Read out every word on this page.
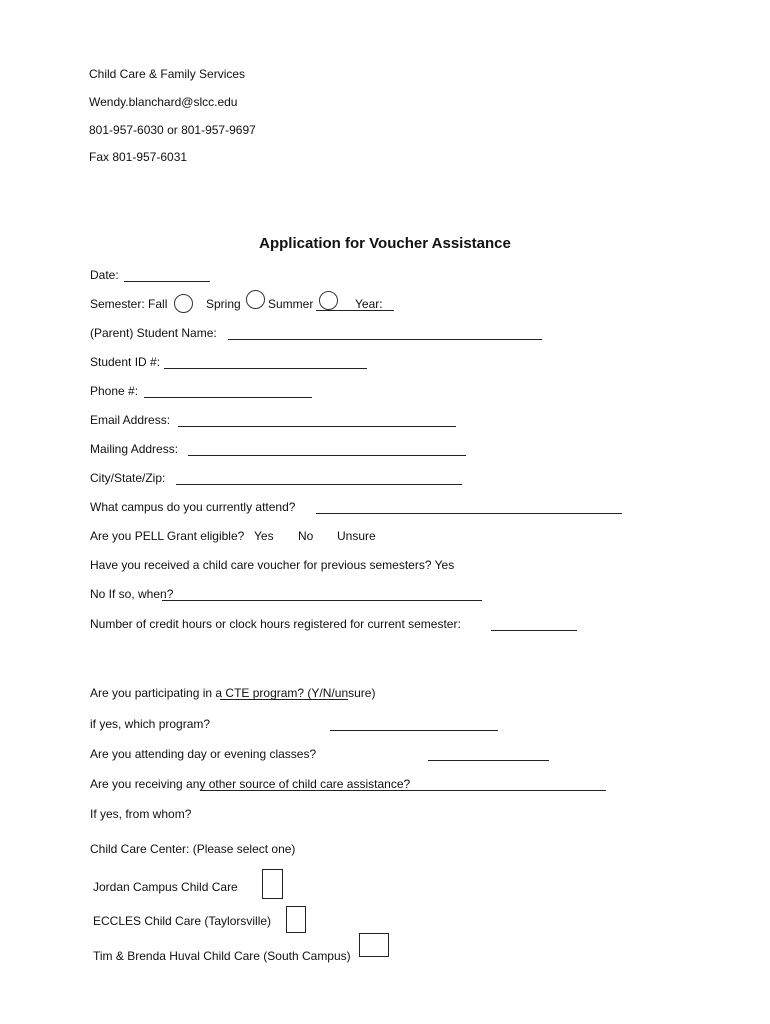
Child Care & Family Services
Wendy.blanchard@slcc.edu
801-957-6030 or 801-957-9697
Fax 801-957-6031
Application for Voucher Assistance
Date:
Semester: Fall	Spring Summer	Year:
(Parent) Student Name:
Student ID #:
Phone #:
Email Address:
Mailing Address:
City/State/Zip:
What campus do you currently attend?
Are you PELL Grant eligible? Yes No Unsure
Have you received a child care voucher for previous semesters? Yes
No If so, when?
Number of credit hours or clock hours registered for current semester:
Are you participating in a CTE program? (Y/N/unsure)
if yes, which program?
Are you attending day or evening classes?
Are you receiving any other source of child care assistance?
If yes, from whom?
Child Care Center: (Please select one)
Jordan Campus Child Care
ECCLES Child Care (Taylorsville)
Tim & Brenda Huval Child Care (South Campus)
